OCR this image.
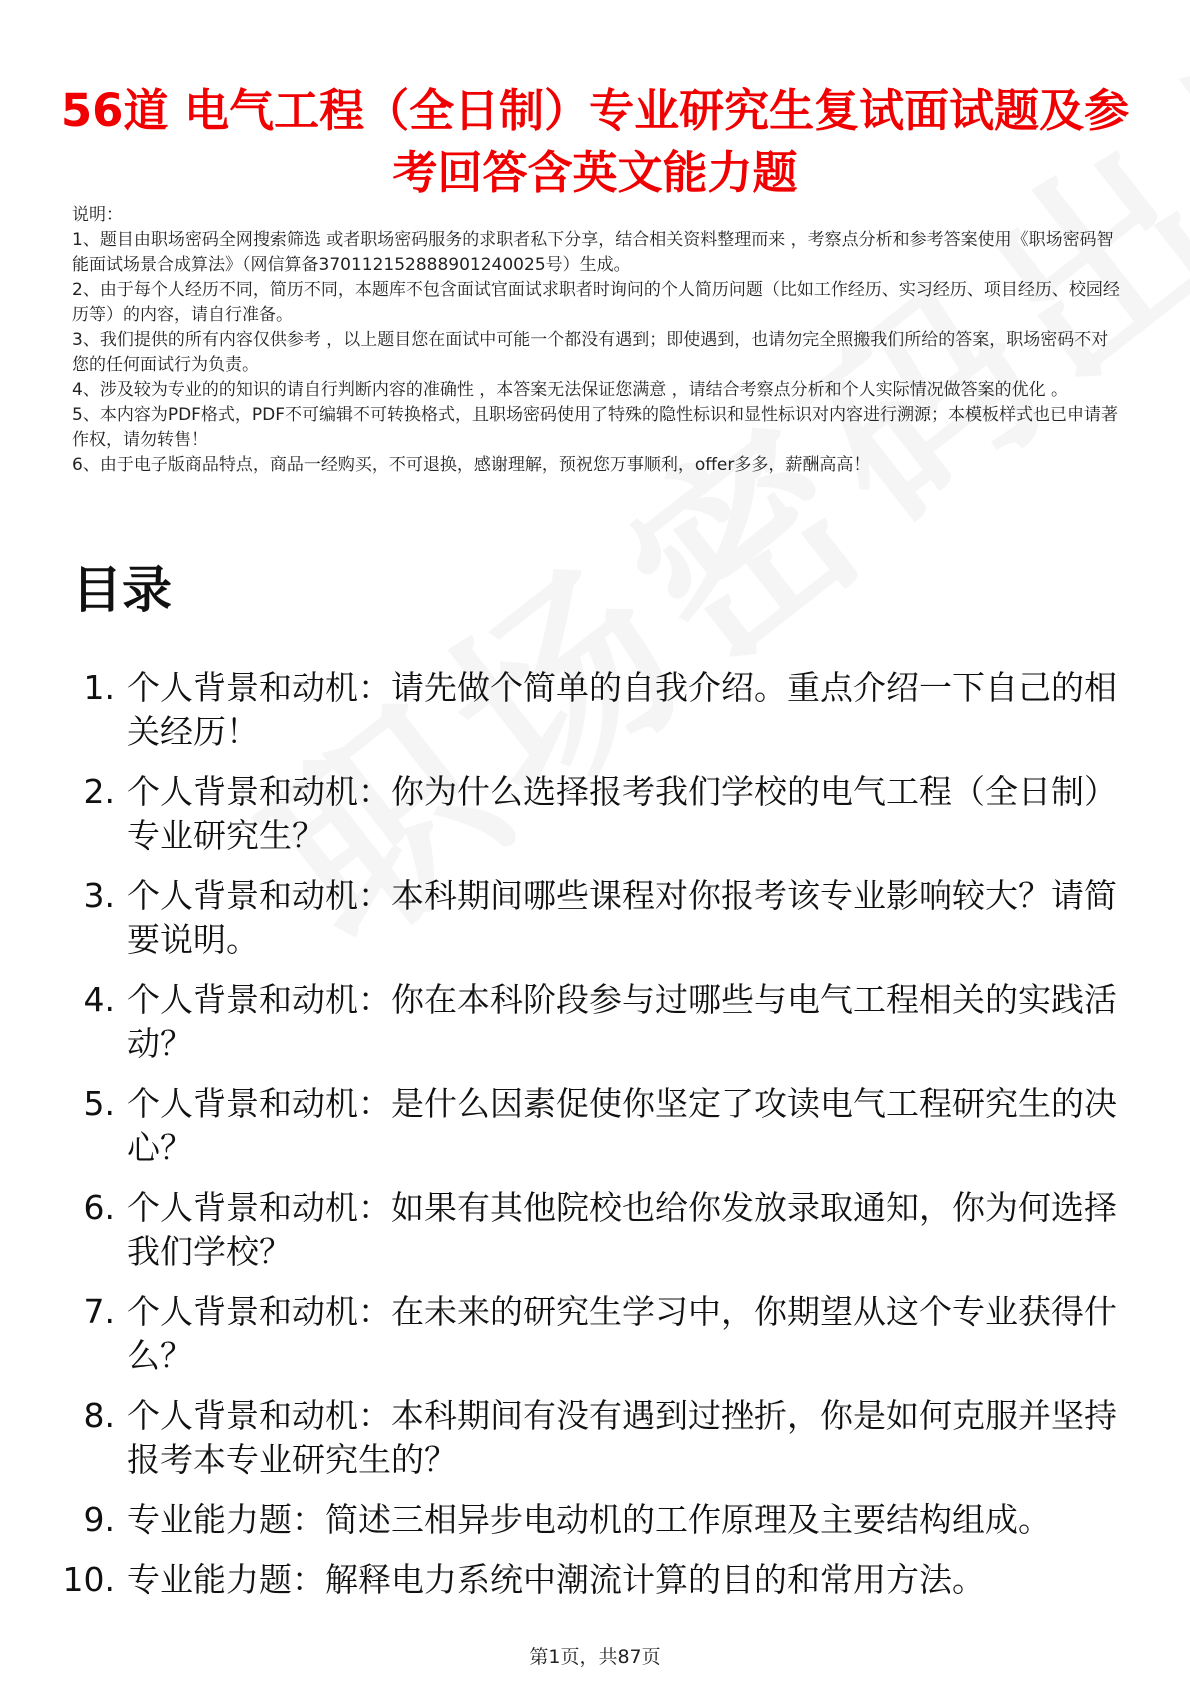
56道 电气工程（全日制）专业研究生复试面试题及参考回答含英文能力题

说明：

1、题目由职场密码全网搜索筛选 或者职场密码服务的求职者私下分享，结合相关资料整理而来 ，考察点分析和参考答案使用《职场密码智能面试场景合成算法》（网信算备370112152888901240025号）生成。

2、由于每个人经历不同，简历不同，本题库不包含面试官面试求职者时询问的个人简历问题（比如工作经历、实习经历、项目经历、校园经历等）的内容，请自行准备。

3、我们提供的所有内容仅供参考 ，以上题目您在面试中可能一个都没有遇到；即使遇到，也请勿完全照搬我们所给的答案，职场密码不对您的任何面试行为负责。

4、涉及较为专业的的知识的请自行判断内容的准确性 ，本答案无法保证您满意 ，请结合考察点分析和个人实际情况做答案的优化 。

5、本内容为PDF格式，PDF不可编辑不可转换格式，且职场密码使用了特殊的隐性标识和显性标识对内容进行溯源；本模板样式也已申请著作权，请勿转售！

6、由于电子版商品特点，商品一经购买，不可退换，感谢理解，预祝您万事顺利，offer多多，薪酬高高！

目录
1. 个人背景和动机：请先做个简单的自我介绍。重点介绍一下自己的相关经历！
2. 个人背景和动机：你为什么选择报考我们学校的电气工程（全日制）专业研究生？
3. 个人背景和动机：本科期间哪些课程对你报考该专业影响较大？请简要说明。
4. 个人背景和动机：你在本科阶段参与过哪些与电气工程相关的实践活动？
5. 个人背景和动机：是什么因素促使你坚定了攻读电气工程研究生的决心？
6. 个人背景和动机：如果有其他院校也给你发放录取通知，你为何选择我们学校？
7. 个人背景和动机：在未来的研究生学习中，你期望从这个专业获得什么？
8. 个人背景和动机：本科期间有没有遇到过挫折，你是如何克服并坚持报考本专业研究生的？
9. 专业能力题：简述三相异步电动机的工作原理及主要结构组成。
10. 专业能力题：解释电力系统中潮流计算的目的和常用方法。
第1页，共87页
